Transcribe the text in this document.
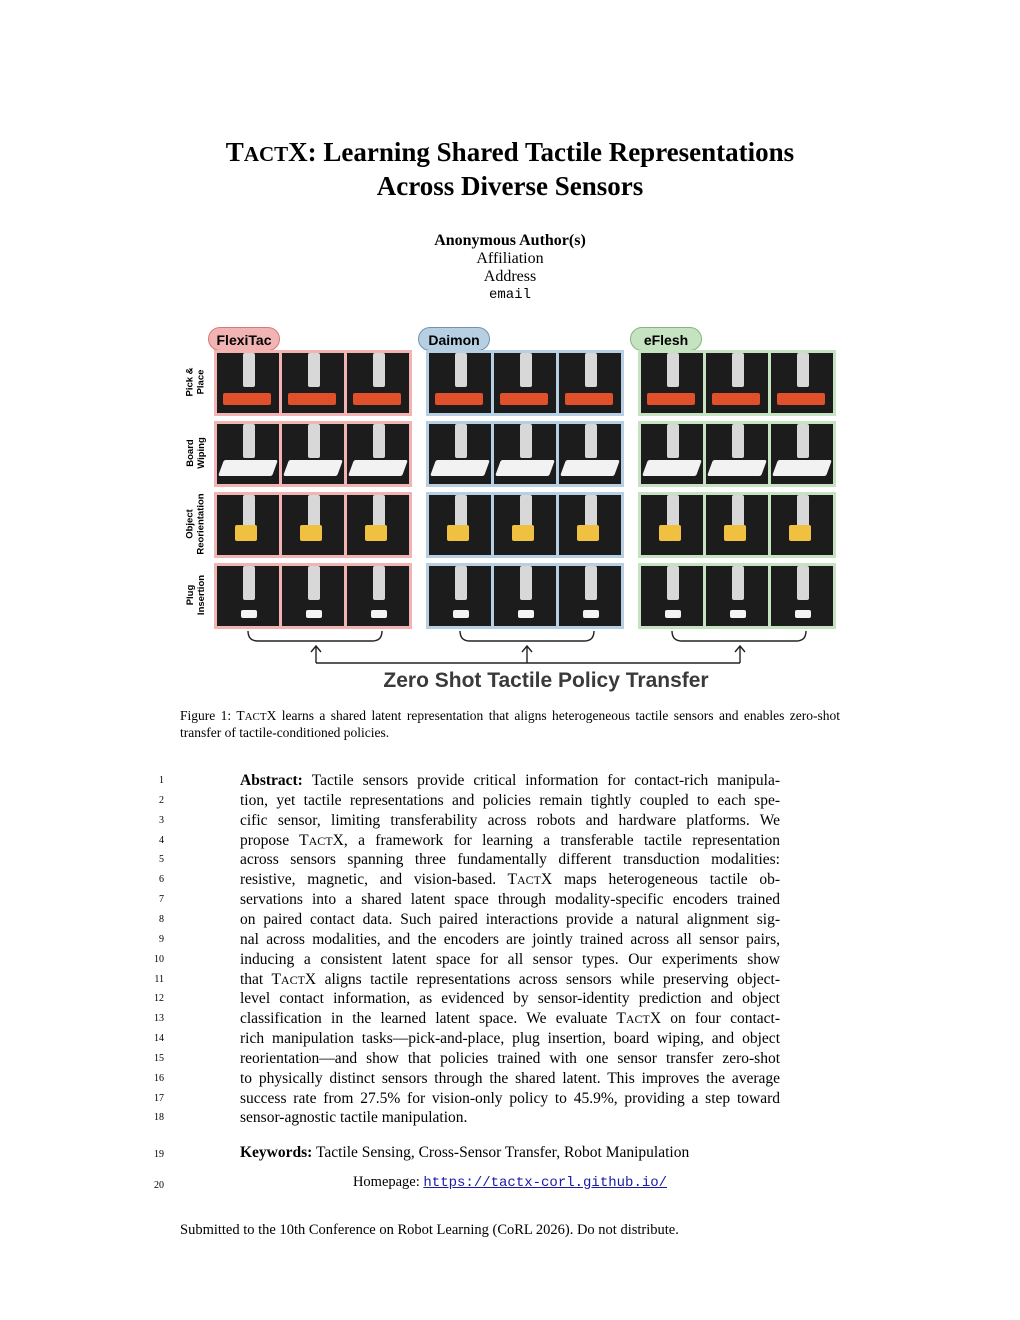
TACTX: Learning Shared Tactile Representations
Across Diverse Sensors
Anonymous Author(s)
Affiliation
Address
email
FlexiTac	Daimon	eFlesh
Pick &
Place
Board
Wiping
Object
Reorientation
Plug
Insertion
Zero Shot Tactile Policy Transfer
Figure 1: TACTX learns a shared latent representation that aligns heterogeneous tactile sensors and enables zero-shot transfer of tactile-conditioned policies.
Abstract: Tactile sensors provide critical information for contact-rich manipula-
tion, yet tactile representations and policies remain tightly coupled to each spe-
cific sensor, limiting transferability across robots and hardware platforms. We
propose TACTX, a framework for learning a transferable tactile representation
across sensors spanning three fundamentally different transduction modalities:
resistive, magnetic, and vision-based. TACTX maps heterogeneous tactile ob-
servations into a shared latent space through modality-specific encoders trained
on paired contact data. Such paired interactions provide a natural alignment sig-
nal across modalities, and the encoders are jointly trained across all sensor pairs,
inducing a consistent latent space for all sensor types. Our experiments show
that TACTX aligns tactile representations across sensors while preserving object-
level contact information, as evidenced by sensor-identity prediction and object
classification in the learned latent space. We evaluate TACTX on four contact-
rich manipulation tasks—pick-and-place, plug insertion, board wiping, and object
reorientation—and show that policies trained with one sensor transfer zero-shot
to physically distinct sensors through the shared latent. This improves the average
success rate from 27.5% for vision-only policy to 45.9%, providing a step toward
sensor-agnostic tactile manipulation.
1
2
3
4
5
6
7
8
9
10
11
12
13
14
15
16
17
18
19
20
Keywords: Tactile Sensing, Cross-Sensor Transfer, Robot Manipulation
Homepage: https://tactx-corl.github.io/
Submitted to the 10th Conference on Robot Learning (CoRL 2026). Do not distribute.
